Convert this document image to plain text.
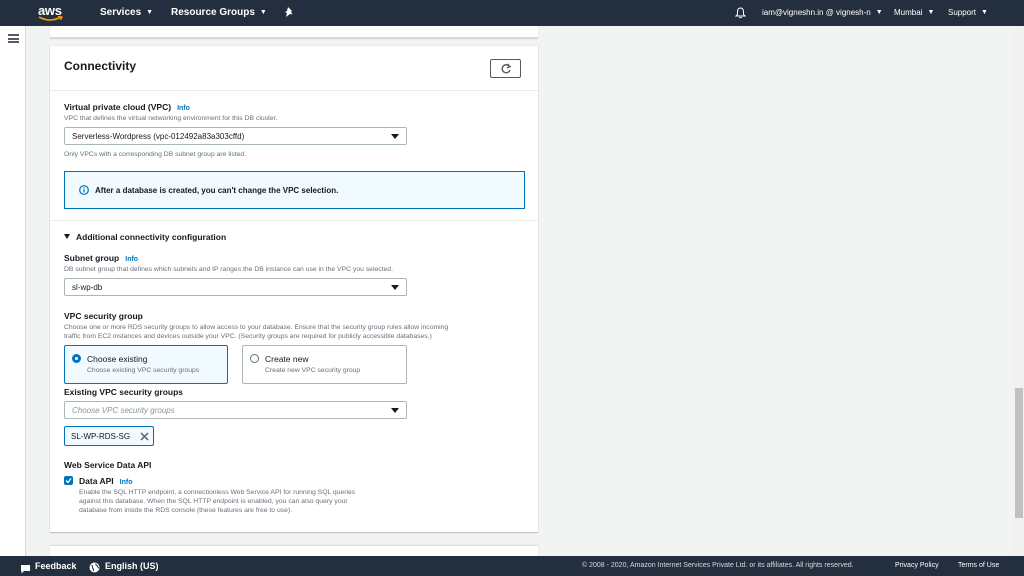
aws	Services ▼ Resource Groups ▼	iam@vigneshn.in @ vignesh-n ▼ Mumbai ▼ Support ▼
Connectivity
Virtual private cloud (VPC) Info
VPC that defines the virtual networking environment for this DB cluster.
Serverless-Wordpress (vpc-012492a83a303cffd)
Only VPCs with a corresponding DB subnet group are listed.
After a database is created, you can't change the VPC selection.
Additional connectivity configuration
Subnet group Info
DB subnet group that defines which subnets and IP ranges the DB instance can use in the VPC you selected.
sl-wp-db
VPC security group
Choose one or more RDS security groups to allow access to your database. Ensure that the security group rules allow incoming
traffic from EC2 instances and devices outside your VPC. (Security groups are required for publicly accessible databases.)
Choose existing
Choose existing VPC security groups
Create new
Create new VPC security group
Existing VPC security groups
Choose VPC security groups
SL-WP-RDS-SG
Web Service Data API
Data API Info
Enable the SQL HTTP endpoint, a connectionless Web Service API for running SQL queries
against this database. When the SQL HTTP endpoint is enabled, you can also query your
database from inside the RDS console (these features are free to use).
Feedback	English (US)	© 2008 - 2020, Amazon Internet Services Private Ltd. or its affiliates. All rights reserved.	Privacy Policy	Terms of Use
